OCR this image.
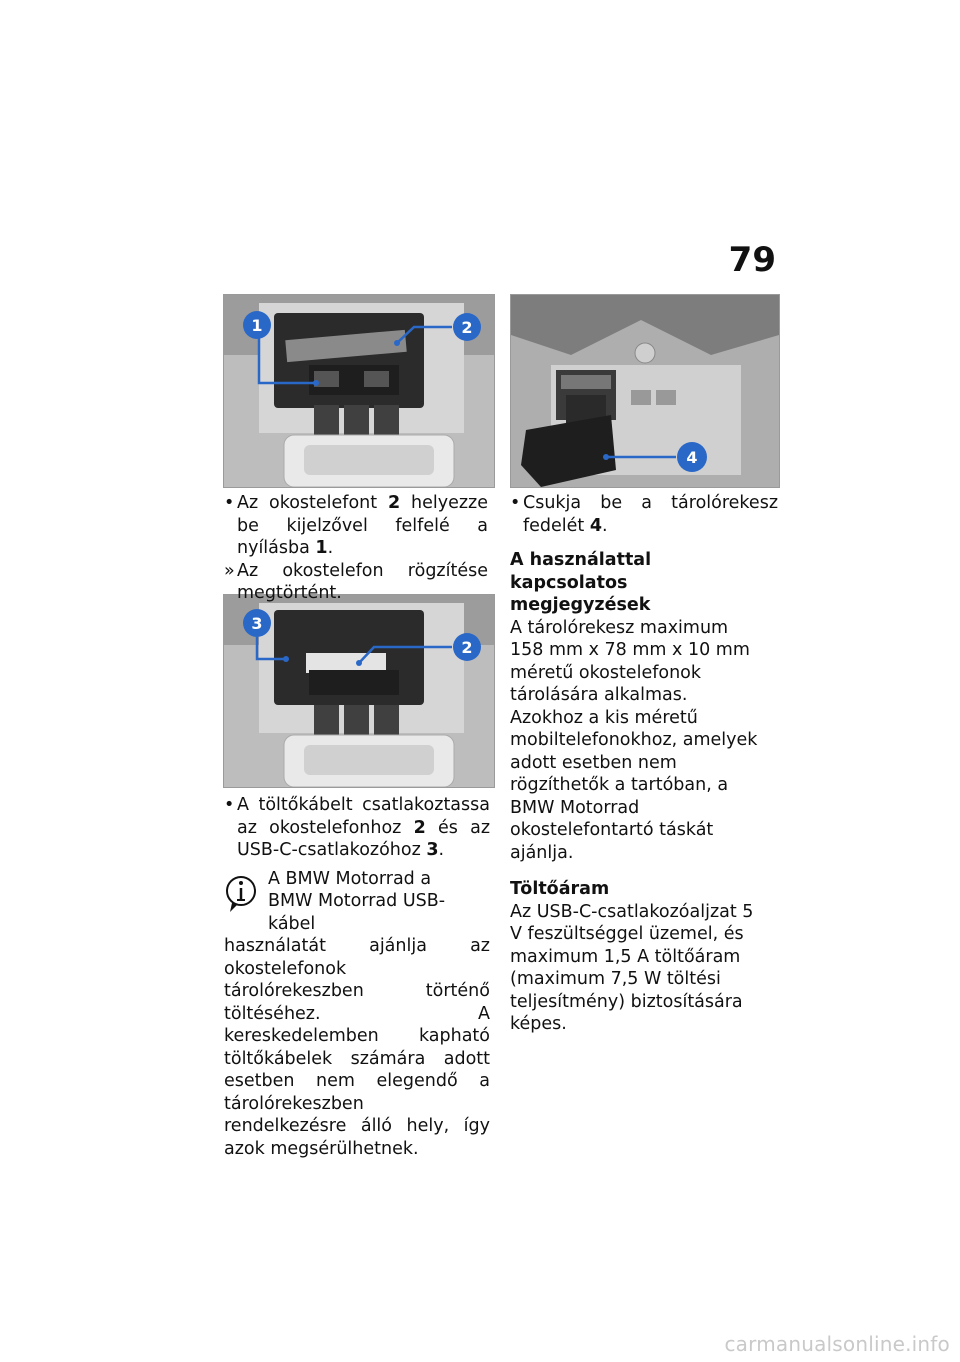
79
1	2
4
3
2
• Az okostelefont 2 helyezze be kijelzővel felfelé a nyílásba 1.
» Az okostelefon rögzítése megtörtént.
• A töltőkábelt csatlakoztassa az okostelefonhoz 2 és az USB-C-csatlakozóhoz 3.
A BMW Motorrad a
BMW Motorrad USB-kábel
használatát ajánlja az okostelefonok tárolórekeszben történő töltéséhez. A kereskedelemben kapható töltőkábelek számára adott esetben nem elegendő a tárolórekeszben rendelkezésre álló hely, így azok megsérülhetnek.
• Csukja be a tárolórekesz fedelét 4.

A használattal kapcsolatos megjegyzések

A tárolórekesz maximum 158 mm x 78 mm x 10 mm méretű okostelefonok tárolására alkalmas. Azokhoz a kis méretű mobiltelefonokhoz, amelyek adott esetben nem rögzíthetők a tartóban, a BMW Motorrad okostelefontartó táskát ajánlja.

Töltőáram

Az USB-C-csatlakozóaljzat 5 V feszültséggel üzemel, és maximum 1,5 A töltőáram (maximum 7,5 W töltési teljesítmény) biztosítására képes.

carmanualsonline.info
